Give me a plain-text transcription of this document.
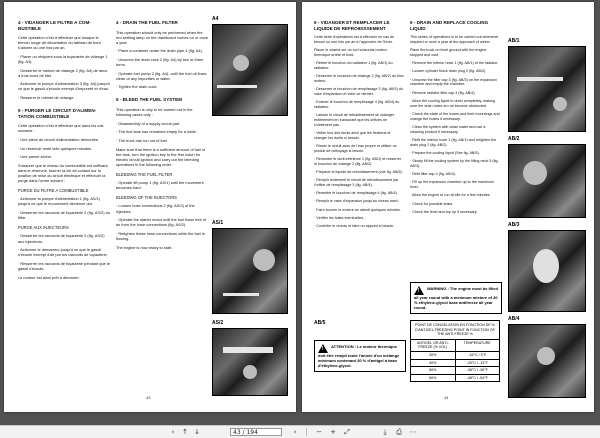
4 - VIDANGER LE FILTRE A COM- BUSTIBLE

Cette opération n'est à effectuer que lorsque le témoin rouge de décantation du tableau de bord s'allume ou une fois par an.

· Placer un récipient sous la tuyauterie de vidange 1 (fig. A4).

· Desserrer le robinet de vidange 2 (fig. A4) de deux à trois tours de filet.

· Actionner la pompe d'alimentation 3 (fig. A4) jusqu'à ce que le gasoil s'écoule exempt d'impureté et d'eau.

· Resserer le robinet de vidange.

5 - PURGER LE CIRCUIT D'ALIMEN- TATION COMBUSTIBLE

Cette opération n'est à effectuer que dans les cas suivants :

· Une pièce du circuit d'alimentation démontée.

· Un réservoir resté vide quelques minutes.

· Une panne sèche.

S'assurer que le niveau du combustible est suffisant dans le réservoir, tourner la clé de contact sur la position de mise du circuit électrique et effectuer la purge dans l'ordre suivant :

PURGE DU FILTRE A COMBUSTIBLE

· Actionner la pompe d'alimentation 1 (fig. AS/1) jusqu'à ce que le mouvement devienne dur.

· Desserrer les raccords de tuyauterie 2 (fig. AS/2) du filtre.

PURGE AUX INJECTEURS

· Desserrer les raccords de tuyauterie 2 (fig. AS/2) aux injecteurs.

· Actionner le démarreur jusqu'à ce que le gasoil s'écoule exempt d'air par les raccords de tuyauterie.

· Resserrer les raccords de tuyauterie pendant que le gasoil s'écoule.

Le moteur est ainsi prêt à démarrer.

4 - DRAIN THE FUEL FILTER

This operation should only be performed when the red settling lamp on the dashboard comes on or once a year.

· Place a container under the drain pipe 1 (fig. A4).

· Unscrew the drain cock 2 (fig. A4) by two or three turns.

· Operate fuel pump 3 (fig. A4), until the fuel oil flows clean of any impurities or water.

· Tighten the drain cock.

5 - BLEED THE FUEL SYSTEM

This operation is only to be carried out in the following cases only :

· Disassembly of a supply circuit part.

· The fuel tank has remained empty for a while.

· The truck has run out of fuel.

Make sure that there is a sufficient amount of fuel in the tank, turn the ignition key to the first notch for electric circuit ignition and carry out the bleeding operations in the following order :

BLEEDING THE FUEL FILTER

· Operate lift pump 1 (fig. AS/1) until the movement becomes hard.

BLEEDING OF THE INJECTORS

· Loosen hose connections 2 (fig. AS/2) of the injectors.

· Operate the starter motor until the fuel flows free of air from the hose connections (fig. AS/2).

· Retighten these hose connections while the fuel is flowing.

The engine is now ready to start.

A4
AS/1
AS/2
43
6 - VIDANGER ET REMPLACER LE LIQUIDE DE REFROIDISSEMENT

Cette série d'opérations est à effectuer en cas de besoin ou une fois par an à l'approche de l'hiver.

Placer le chariot sur un sol horizontal moteur thermique arrêté et froid.

· Retirer le bouchon du radiateur 1 (fig. AB/1) du radiateur.

· Desserrer le bouchon de vidange 2 (fig. AB/2) du bloc moteur.

· Desserrer le bouchon de remplissage 3 (fig. AB/3) du vase d'expansion et vider ce dernier.

· Enlever le bouchon de remplissage 4 (fig. AB/4) du radiateur.

· Laisser le circuit de refroidissement se vidanger entièrement en s'assurant que les orifices ne s'obstruent pas.

· Veiller lors des durits ainsi que les fixations et changer les durits si besoin.

· Rincer le circuit avec de l'eau propre et utiliser un produit de nettoyage si besoin.

· Remonter le durit inférieure 1 (fig. AB/1) et resserrer le bouchon de vidange 2 (fig. AB/2).

· Préparer le liquide de refroidissement (voir fig. AB/5).

· Remplir lentement le circuit de refroidissement par l'orifice de remplissage 3 (fig. AB/4).

· Remettre le bouchon de remplissage 4 (fig. AB/4).

· Remplir le vase d'expansion jusqu'au niveau maxi.

· Faire tourner le moteur au ralenti quelques minutes.

· Vérifier les fuites éventuelles.

· Contrôler le niveau et faire un appoint si besoin.

! ATTENTION : Le moteur thermique doit être rempli toute l'année d'un mélange minimum contenant 30 % d'antigel à base d'éthylène-glycol.
6 - DRAIN AND REPLACE COOLING LIQUID

This series of operations is to be carried out whenever required or once a year at the approach of winter.

Place the truck on level ground with the engine stopped and cold.

· Remove the inferior hose 1 (fig. AB/1) of the radiator.

· Loosen cylinder block drain plug 2 (fig. AB/2).

· Unscrew the filler cap 3 (fig. AB/3) on the expansion chamber and empty the chamber.

· Remove radiator filler cap 4 (fig. AB/4).

· Allow the cooling liquid to drain completely, making sure the drain holes do not become obstructed.

· Check the state of the hoses and their mountings and change the hoses if necessary.

· Clean the system with clean water and use a cleaning product if necessary.

· Refit the inferior hose 1 (fig. AB/1) and retighten the drain plug 2 (fig. AB/2).

· Prepare the cooling liquid (See fig. AB/5).

· Slowly fill the cooling system by the filling neck 5 (fig. AB/3).

· Refit filler cap 4 (fig. AB/4).

· Fill up the expansion chamber up to the maximum level.

· Allow the engine to run at idle for a few minutes.

· Check for possible leaks.

· Check the level and top up if necessary.

! WARNING : The engine must be filled all year round with a minimum mixture of 30 % ethylene-glycol base antifreeze all year round.
AB/5	POINT DE CONGELATION EN FONCTION DE % D'ANTIGEL FREEZING POINT IN FUNCTION OF THE ANTI-FREEZE %
ANTIGEL OR ANTI-FREEZE (% VOL)
TEMPERATURE
30%	-16°C / 3°F
40%	-25°C / -13°F
50%	-38°C / -36°F
60%	-48°C / -54°F
AB/1
AB/2
AB/3
AB/4
44
‹	↑ ↓	43 / 194	›	− +	⤢	⤓	⎙	⋯
